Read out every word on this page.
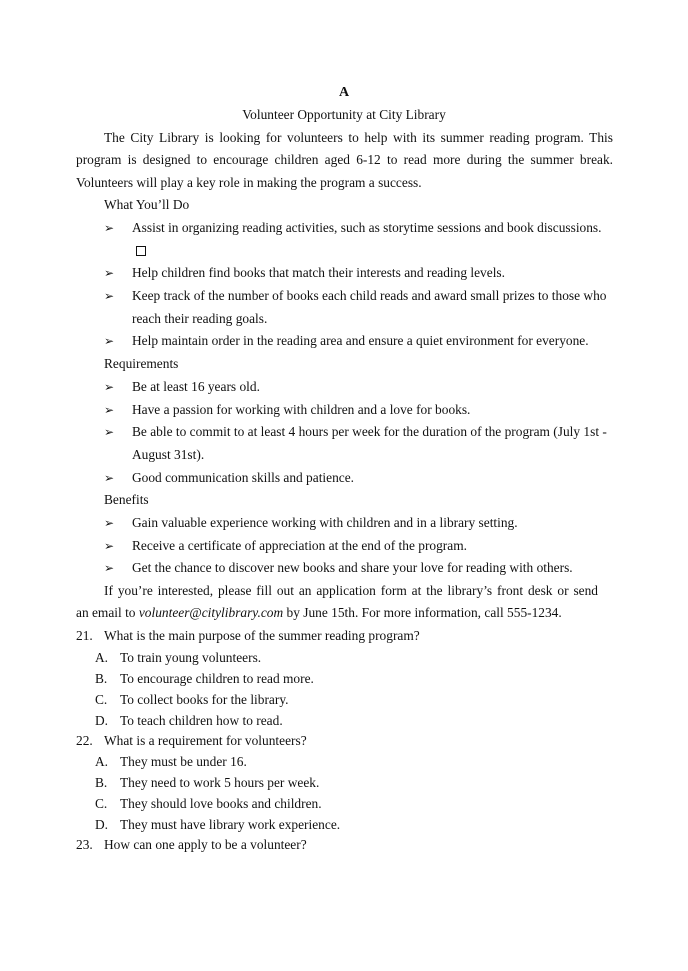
A
Volunteer Opportunity at City Library
The City Library is looking for volunteers to help with its summer reading program. This
program is designed to encourage children aged 6-12 to read more during the summer break.
Volunteers will play a key role in making the program a success.
What You’ll Do
➢ Assist in organizing reading activities, such as storytime sessions and book discussions.
➢ Help children find books that match their interests and reading levels.
➢ Keep track of the number of books each child reads and award small prizes to those who reach their reading goals.
➢ Help maintain order in the reading area and ensure a quiet environment for everyone.
Requirements
➢ Be at least 16 years old.
➢ Have a passion for working with children and a love for books.
➢ Be able to commit to at least 4 hours per week for the duration of the program (July 1st - August 31st).
➢ Good communication skills and patience.
Benefits
➢ Gain valuable experience working with children and in a library setting.
➢ Receive a certificate of appreciation at the end of the program.
➢ Get the chance to discover new books and share your love for reading with others.
If you’re interested, please fill out an application form at the library’s front desk or send
an email to volunteer@citylibrary.com by June 15th. For more information, call 555-1234.
21. What is the main purpose of the summer reading program?
A. To train young volunteers.
B. To encourage children to read more.
C. To collect books for the library.
D. To teach children how to read.
22. What is a requirement for volunteers?
A. They must be under 16.
B. They need to work 5 hours per week.
C. They should love books and children.
D. They must have library work experience.
23. How can one apply to be a volunteer?
